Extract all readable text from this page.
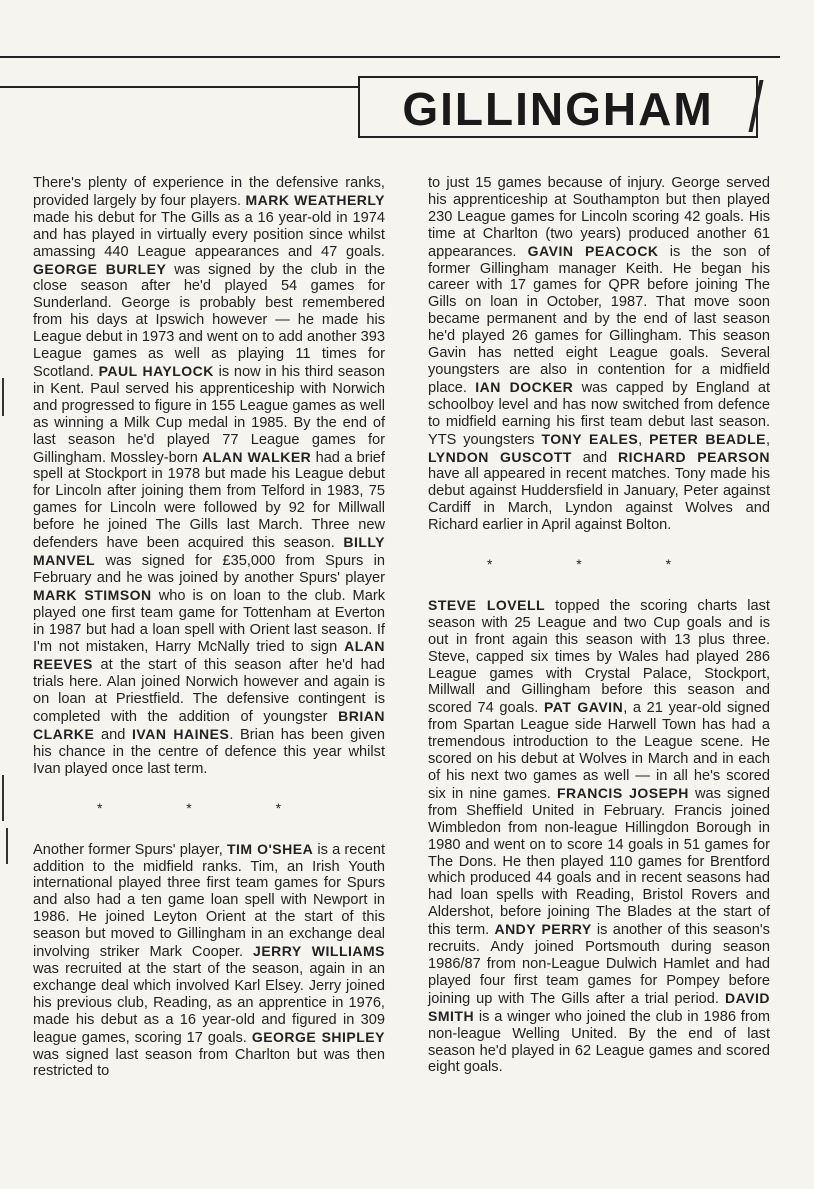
GILLINGHAM

There's plenty of experience in the defensive ranks, provided largely by four players. MARK WEATHERLY made his debut for The Gills as a 16 year-old in 1974 and has played in virtually every position since whilst amassing 440 League appearances and 47 goals. GEORGE BURLEY was signed by the club in the close season after he'd played 54 games for Sunderland. George is probably best remembered from his days at Ipswich however — he made his League debut in 1973 and went on to add another 393 League games as well as playing 11 times for Scotland. PAUL HAYLOCK is now in his third season in Kent. Paul served his apprenticeship with Norwich and progressed to figure in 155 League games as well as winning a Milk Cup medal in 1985. By the end of last season he'd played 77 League games for Gillingham. Mossley-born ALAN WALKER had a brief spell at Stockport in 1978 but made his League debut for Lincoln after joining them from Telford in 1983, 75 games for Lincoln were followed by 92 for Millwall before he joined The Gills last March. Three new defenders have been acquired this season. BILLY MANVEL was signed for £35,000 from Spurs in February and he was joined by another Spurs' player MARK STIMSON who is on loan to the club. Mark played one first team game for Tottenham at Everton in 1987 but had a loan spell with Orient last season. If I'm not mistaken, Harry McNally tried to sign ALAN REEVES at the start of this season after he'd had trials here. Alan joined Norwich however and again is on loan at Priestfield. The defensive contingent is completed with the addition of youngster BRIAN CLARKE and IVAN HAINES. Brian has been given his chance in the centre of defence this year whilst Ivan played once last term.

* * *

Another former Spurs' player, TIM O'SHEA is a recent addition to the midfield ranks. Tim, an Irish Youth international played three first team games for Spurs and also had a ten game loan spell with Newport in 1986. He joined Leyton Orient at the start of this season but moved to Gillingham in an exchange deal involving striker Mark Cooper. JERRY WILLIAMS was recruited at the start of the season, again in an exchange deal which involved Karl Elsey. Jerry joined his previous club, Reading, as an apprentice in 1976, made his debut as a 16 year-old and figured in 309 league games, scoring 17 goals. GEORGE SHIPLEY was signed last season from Charlton but was then restricted to

to just 15 games because of injury. George served his apprenticeship at Southampton but then played 230 League games for Lincoln scoring 42 goals. His time at Charlton (two years) produced another 61 appearances. GAVIN PEACOCK is the son of former Gillingham manager Keith. He began his career with 17 games for QPR before joining The Gills on loan in October, 1987. That move soon became permanent and by the end of last season he'd played 26 games for Gillingham. This season Gavin has netted eight League goals. Several youngsters are also in contention for a midfield place. IAN DOCKER was capped by England at schoolboy level and has now switched from defence to midfield earning his first team debut last season. YTS youngsters TONY EALES, PETER BEADLE, LYNDON GUSCOTT and RICHARD PEARSON have all appeared in recent matches. Tony made his debut against Huddersfield in January, Peter against Cardiff in March, Lyndon against Wolves and Richard earlier in April against Bolton.

* * *

STEVE LOVELL topped the scoring charts last season with 25 League and two Cup goals and is out in front again this season with 13 plus three. Steve, capped six times by Wales had played 286 League games with Crystal Palace, Stockport, Millwall and Gillingham before this season and scored 74 goals. PAT GAVIN, a 21 year-old signed from Spartan League side Harwell Town has had a tremendous introduction to the League scene. He scored on his debut at Wolves in March and in each of his next two games as well — in all he's scored six in nine games. FRANCIS JOSEPH was signed from Sheffield United in February. Francis joined Wimbledon from non-league Hillingdon Borough in 1980 and went on to score 14 goals in 51 games for The Dons. He then played 110 games for Brentford which produced 44 goals and in recent seasons had had loan spells with Reading, Bristol Rovers and Aldershot, before joining The Blades at the start of this term. ANDY PERRY is another of this season's recruits. Andy joined Portsmouth during season 1986/87 from non-League Dulwich Hamlet and had played four first team games for Pompey before joining up with The Gills after a trial period. DAVID SMITH is a winger who joined the club in 1986 from non-league Welling United. By the end of last season he'd played in 62 League games and scored eight goals.
